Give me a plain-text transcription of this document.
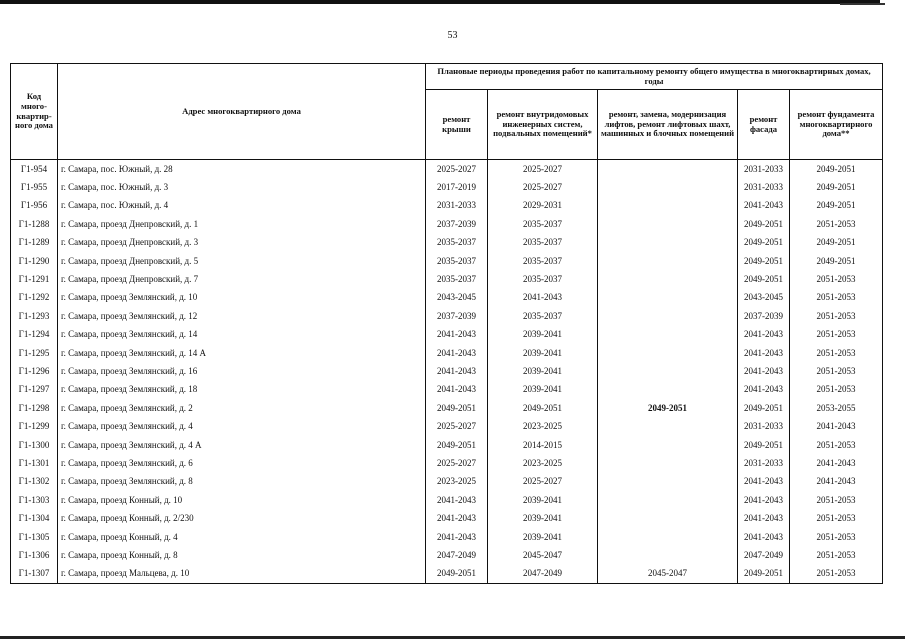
53
Код много-квартир-ного дома	Адрес многоквартирного дома	Плановые периоды проведения работ по капитальному ремонту общего имущества в многоквартирных домах, годы				
		ремонт крыши	ремонт внутридомовых инженерных систем, подвальных помещений*	ремонт, замена, модернизация лифтов, ремонт лифтовых шахт, машинных и блочных помещений	ремонт фасада	ремонт фундамента многоквартирного дома**
Г1-954	г. Самара, пос. Южный, д. 28	2025-2027	2025-2027		2031-2033	2049-2051
Г1-955	г. Самара, пос. Южный, д. 3	2017-2019	2025-2027		2031-2033	2049-2051
Г1-956	г. Самара, пос. Южный, д. 4	2031-2033	2029-2031		2041-2043	2049-2051
Г1-1288	г. Самара, проезд Днепровский, д. 1	2037-2039	2035-2037		2049-2051	2051-2053
Г1-1289	г. Самара, проезд Днепровский, д. 3	2035-2037	2035-2037		2049-2051	2049-2051
Г1-1290	г. Самара, проезд Днепровский, д. 5	2035-2037	2035-2037		2049-2051	2049-2051
Г1-1291	г. Самара, проезд Днепровский, д. 7	2035-2037	2035-2037		2049-2051	2051-2053
Г1-1292	г. Самара, проезд Землянский, д. 10	2043-2045	2041-2043		2043-2045	2051-2053
Г1-1293	г. Самара, проезд Землянский, д. 12	2037-2039	2035-2037		2037-2039	2051-2053
Г1-1294	г. Самара, проезд Землянский, д. 14	2041-2043	2039-2041		2041-2043	2051-2053
Г1-1295	г. Самара, проезд Землянский, д. 14 А	2041-2043	2039-2041		2041-2043	2051-2053
Г1-1296	г. Самара, проезд Землянский, д. 16	2041-2043	2039-2041		2041-2043	2051-2053
Г1-1297	г. Самара, проезд Землянский, д. 18	2041-2043	2039-2041		2041-2043	2051-2053
Г1-1298	г. Самара, проезд Землянский, д. 2	2049-2051	2049-2051	2049-2051	2049-2051	2053-2055
Г1-1299	г. Самара, проезд Землянский, д. 4	2025-2027	2023-2025		2031-2033	2041-2043
Г1-1300	г. Самара, проезд Землянский, д. 4 А	2049-2051	2014-2015		2049-2051	2051-2053
Г1-1301	г. Самара, проезд Землянский, д. 6	2025-2027	2023-2025		2031-2033	2041-2043
Г1-1302	г. Самара, проезд Землянский, д. 8	2023-2025	2025-2027		2041-2043	2041-2043
Г1-1303	г. Самара, проезд Конный, д. 10	2041-2043	2039-2041		2041-2043	2051-2053
Г1-1304	г. Самара, проезд Конный, д. 2/230	2041-2043	2039-2041		2041-2043	2051-2053
Г1-1305	г. Самара, проезд Конный, д. 4	2041-2043	2039-2041		2041-2043	2051-2053
Г1-1306	г. Самара, проезд Конный, д. 8	2047-2049	2045-2047		2047-2049	2051-2053
Г1-1307	г. Самара, проезд Мальцева, д. 10	2049-2051	2047-2049	2045-2047	2049-2051	2051-2053
